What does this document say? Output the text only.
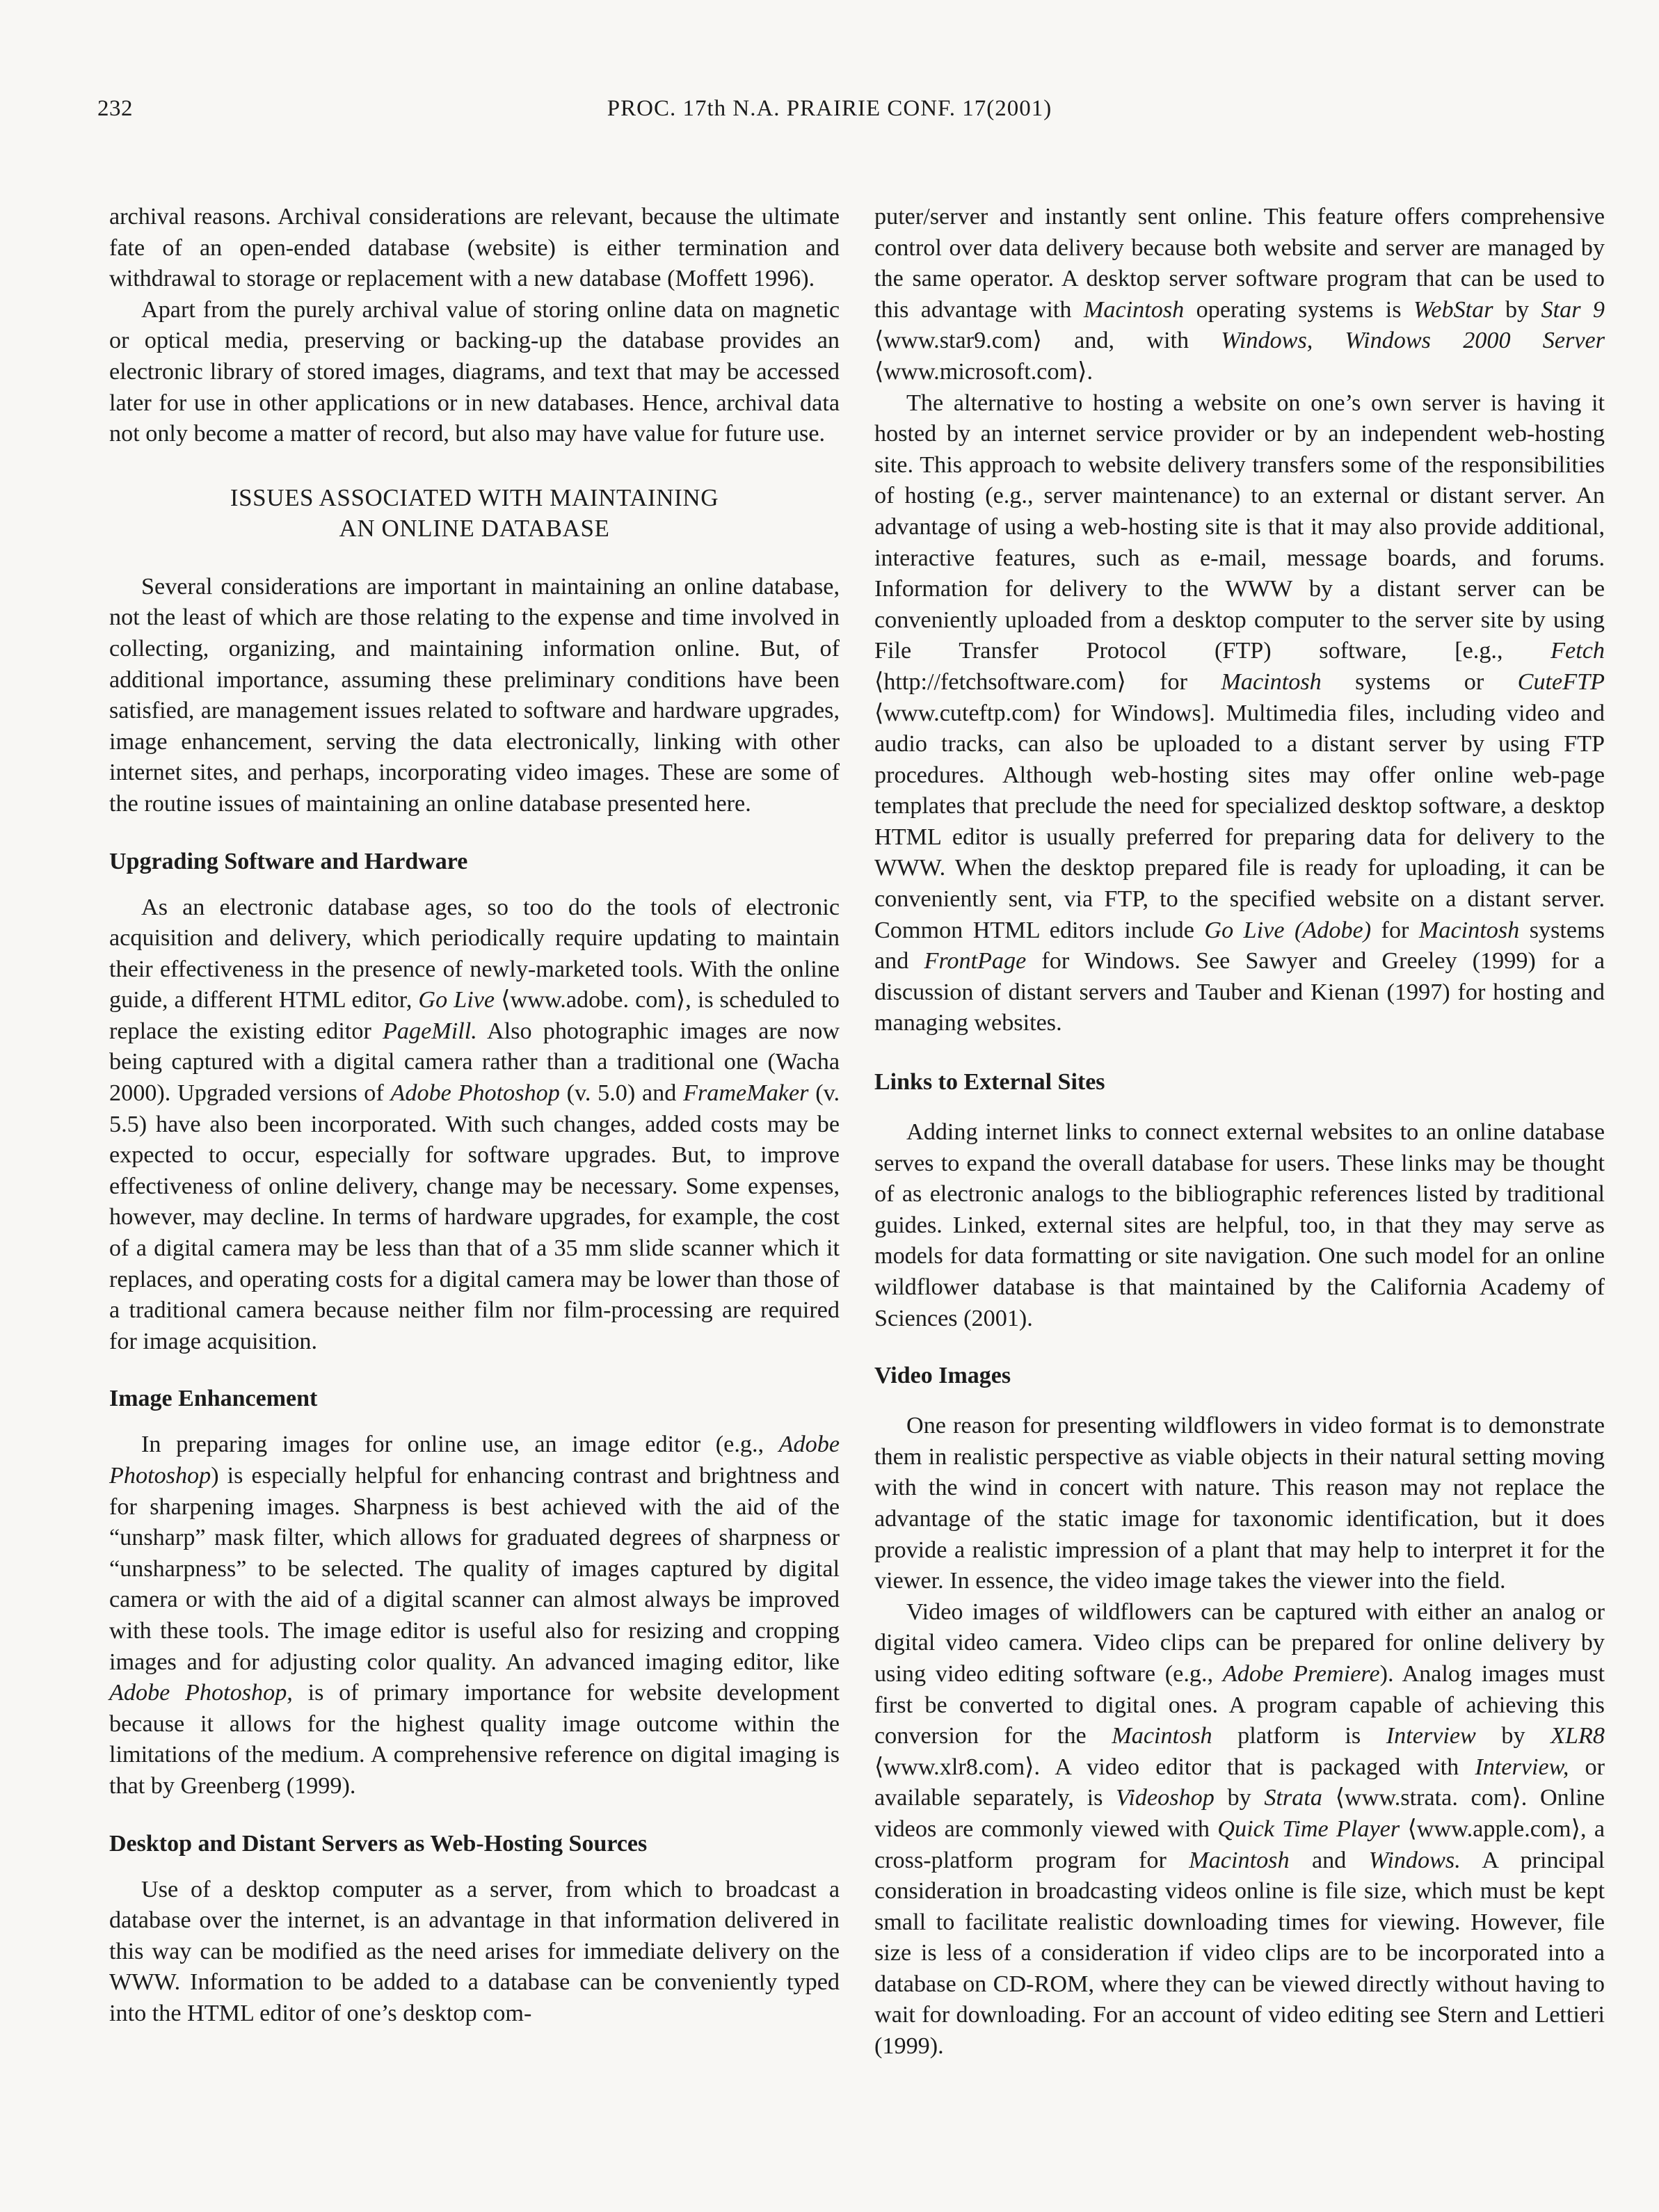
232	PROC. 17th N.A. PRAIRIE CONF. 17(2001)

archival reasons. Archival considerations are relevant, because the ultimate fate of an open-ended database (website) is either termination and withdrawal to storage or replacement with a new database (Moffett 1996).

Apart from the purely archival value of storing online data on magnetic or optical media, preserving or backing-up the database provides an electronic library of stored images, diagrams, and text that may be accessed later for use in other applications or in new databases. Hence, archival data not only become a matter of record, but also may have value for future use.

ISSUES ASSOCIATED WITH MAINTAINING
AN ONLINE DATABASE

Several considerations are important in maintaining an online database, not the least of which are those relating to the expense and time involved in collecting, organizing, and maintaining information online. But, of additional importance, assuming these preliminary conditions have been satisfied, are management issues related to software and hardware upgrades, image enhancement, serving the data electronically, linking with other internet sites, and perhaps, incorporating video images. These are some of the routine issues of maintaining an online database presented here.

Upgrading Software and Hardware

As an electronic database ages, so too do the tools of electronic acquisition and delivery, which periodically require updating to maintain their effectiveness in the presence of newly-marketed tools. With the online guide, a different HTML editor, Go Live ⟨www.adobe. com⟩, is scheduled to replace the existing editor PageMill. Also photographic images are now being captured with a digital camera rather than a traditional one (Wacha 2000). Upgraded versions of Adobe Photoshop (v. 5.0) and FrameMaker (v. 5.5) have also been incorporated. With such changes, added costs may be expected to occur, especially for software upgrades. But, to improve effectiveness of online delivery, change may be necessary. Some expenses, however, may decline. In terms of hardware upgrades, for example, the cost of a digital camera may be less than that of a 35 mm slide scanner which it replaces, and operating costs for a digital camera may be lower than those of a traditional camera because neither film nor film-processing are required for image acquisition.

Image Enhancement

In preparing images for online use, an image editor (e.g., Adobe Photoshop) is especially helpful for enhancing contrast and brightness and for sharpening images. Sharpness is best achieved with the aid of the “unsharp” mask filter, which allows for graduated degrees of sharpness or “unsharpness” to be selected. The quality of images captured by digital camera or with the aid of a digital scanner can almost always be improved with these tools. The image editor is useful also for resizing and cropping images and for adjusting color quality. An advanced imaging editor, like Adobe Photoshop, is of primary importance for website development because it allows for the highest quality image outcome within the limitations of the medium. A comprehensive reference on digital imaging is that by Greenberg (1999).

Desktop and Distant Servers as Web-Hosting Sources

Use of a desktop computer as a server, from which to broadcast a database over the internet, is an advantage in that information delivered in this way can be modified as the need arises for immediate delivery on the WWW. Information to be added to a database can be conveniently typed into the HTML editor of one’s desktop com-

puter/server and instantly sent online. This feature offers comprehensive control over data delivery because both website and server are managed by the same operator. A desktop server software program that can be used to this advantage with Macintosh operating systems is WebStar by Star 9 ⟨www.star9.com⟩ and, with Windows, Windows 2000 Server ⟨www.microsoft.com⟩.

The alternative to hosting a website on one’s own server is having it hosted by an internet service provider or by an independent web-hosting site. This approach to website delivery transfers some of the responsibilities of hosting (e.g., server maintenance) to an external or distant server. An advantage of using a web-hosting site is that it may also provide additional, interactive features, such as e-mail, message boards, and forums. Information for delivery to the WWW by a distant server can be conveniently uploaded from a desktop computer to the server site by using File Transfer Protocol (FTP) software, [e.g., Fetch ⟨http://fetchsoftware.com⟩ for Macintosh systems or CuteFTP ⟨www.cuteftp.com⟩ for Windows]. Multimedia files, including video and audio tracks, can also be uploaded to a distant server by using FTP procedures. Although web-hosting sites may offer online web-page templates that preclude the need for specialized desktop software, a desktop HTML editor is usually preferred for preparing data for delivery to the WWW. When the desktop prepared file is ready for uploading, it can be conveniently sent, via FTP, to the specified website on a distant server. Common HTML editors include Go Live (Adobe) for Macintosh systems and FrontPage for Windows. See Sawyer and Greeley (1999) for a discussion of distant servers and Tauber and Kienan (1997) for hosting and managing websites.

Links to External Sites

Adding internet links to connect external websites to an online database serves to expand the overall database for users. These links may be thought of as electronic analogs to the bibliographic references listed by traditional guides. Linked, external sites are helpful, too, in that they may serve as models for data formatting or site navigation. One such model for an online wildflower database is that maintained by the California Academy of Sciences (2001).

Video Images

One reason for presenting wildflowers in video format is to demonstrate them in realistic perspective as viable objects in their natural setting moving with the wind in concert with nature. This reason may not replace the advantage of the static image for taxonomic identification, but it does provide a realistic impression of a plant that may help to interpret it for the viewer. In essence, the video image takes the viewer into the field.

Video images of wildflowers can be captured with either an analog or digital video camera. Video clips can be prepared for online delivery by using video editing software (e.g., Adobe Premiere). Analog images must first be converted to digital ones. A program capable of achieving this conversion for the Macintosh platform is Interview by XLR8 ⟨www.xlr8.com⟩. A video editor that is packaged with Interview, or available separately, is Videoshop by Strata ⟨www.strata. com⟩. Online videos are commonly viewed with Quick Time Player ⟨www.apple.com⟩, a cross-platform program for Macintosh and Windows. A principal consideration in broadcasting videos online is file size, which must be kept small to facilitate realistic downloading times for viewing. However, file size is less of a consideration if video clips are to be incorporated into a database on CD-ROM, where they can be viewed directly without having to wait for downloading. For an account of video editing see Stern and Lettieri (1999).
